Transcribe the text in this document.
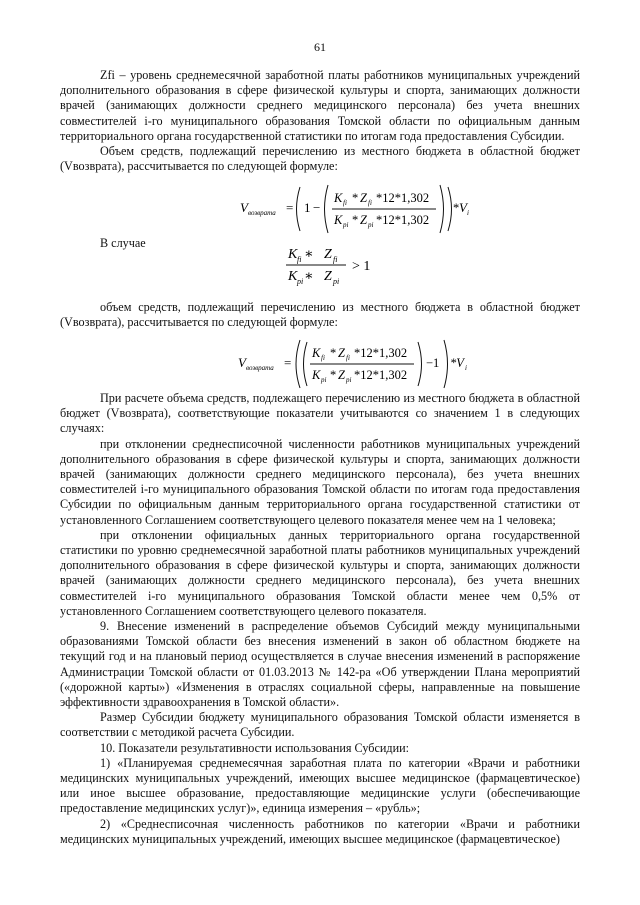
61

Zfi – уровень среднемесячной заработной платы работников муниципальных учреждений дополнительного образования в сфере физической культуры и спорта, занимающих должности врачей (занимающих должности среднего медицинского персонала) без учета внешних совместителей i-го муниципального образования Томской области по официальным данным территориального органа государственной статистики по итогам года предоставления Субсидии.

Объем средств, подлежащий перечислению из местного бюджета в областной бюджет (Vвозврата), рассчитывается по следующей формуле:

V возврата = 1 −
K fi * Z fi *12*1,302
K pi * Z pi *12*1,302
* V i

В случае

K fi ∗ Z fi
K pi ∗ Z pi
> 1

объем средств, подлежащий перечислению из местного бюджета в областной бюджет (Vвозврата), рассчитывается по следующей формуле:

V возврата =
K fi * Z fi *12*1,302
K pi * Z pi *12*1,302
−1 *V i

При расчете объема средств, подлежащего перечислению из местного бюджета в областной бюджет (Vвозврата), соответствующие показатели учитываются со значением 1 в следующих случаях:

при отклонении среднесписочной численности работников муниципальных учреждений дополнительного образования в сфере физической культуры и спорта, занимающих должности врачей (занимающих должности среднего медицинского персонала), без учета внешних совместителей i-го муниципального образования Томской области по итогам года предоставления Субсидии по официальным данным территориального органа государственной статистики от установленного Соглашением соответствующего целевого показателя менее чем на 1 человека;

при отклонении официальных данных территориального органа государственной статистики по уровню среднемесячной заработной платы работников муниципальных учреждений дополнительного образования в сфере физической культуры и спорта, занимающих должности врачей (занимающих должности среднего медицинского персонала), без учета внешних совместителей i-го муниципального образования Томской области менее чем 0,5% от установленного Соглашением соответствующего целевого показателя.

9. Внесение изменений в распределение объемов Субсидий между муниципальными образованиями Томской области без внесения изменений в закон об областном бюджете на текущий год и на плановый период осуществляется в случае внесения изменений в распоряжение Администрации Томской области от 01.03.2013 № 142-ра «Об утверждении Плана мероприятий («дорожной карты») «Изменения в отраслях социальной сферы, направленные на повышение эффективности здравоохранения в Томской области».

Размер Субсидии бюджету муниципального образования Томской области изменяется в соответствии с методикой расчета Субсидии.

10. Показатели результативности использования Субсидии:

1) «Планируемая среднемесячная заработная плата по категории «Врачи и работники медицинских муниципальных учреждений, имеющих высшее медицинское (фармацевтическое) или иное высшее образование, предоставляющие медицинские услуги (обеспечивающие предоставление медицинских услуг)», единица измерения – «рубль»;

2) «Среднесписочная численность работников по категории «Врачи и работники медицинских муниципальных учреждений, имеющих высшее медицинское (фармацевтическое)
